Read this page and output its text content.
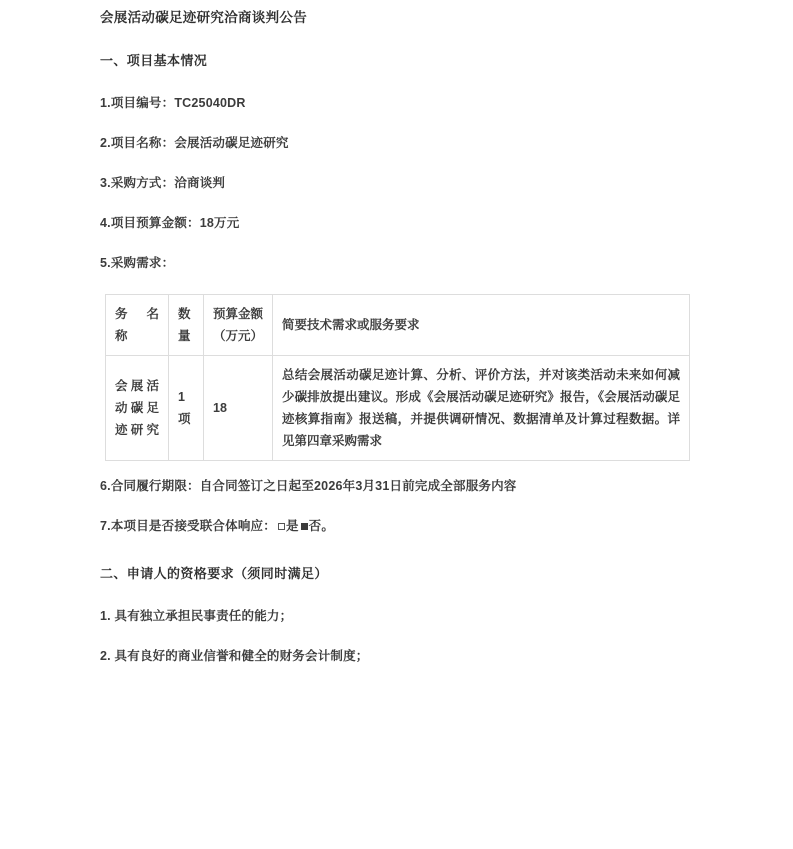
会展活动碳足迹研究洽商谈判公告
一、项目基本情况
1.项目编号：TC25040DR
2.项目名称：会展活动碳足迹研究
3.采购方式：洽商谈判
4.项目预算金额：18万元
5.采购需求：
务 名 称	数 量	预算金额（万元）	简要技术需求或服务要求
会展活动碳足迹研究	1项	18	总结会展活动碳足迹计算、分析、评价方法，并对该类活动未来如何减少碳排放提出建议。形成《会展活动碳足迹研究》报告，《会展活动碳足迹核算指南》报送稿，并提供调研情况、数据清单及计算过程数据。详见第四章采购需求
6.合同履行期限：自合同签订之日起至2026年3月31日前完成全部服务内容
7.本项目是否接受联合体响应： 是 否。
二、申请人的资格要求（须同时满足）
1. 具有独立承担民事责任的能力；
2. 具有良好的商业信誉和健全的财务会计制度；
